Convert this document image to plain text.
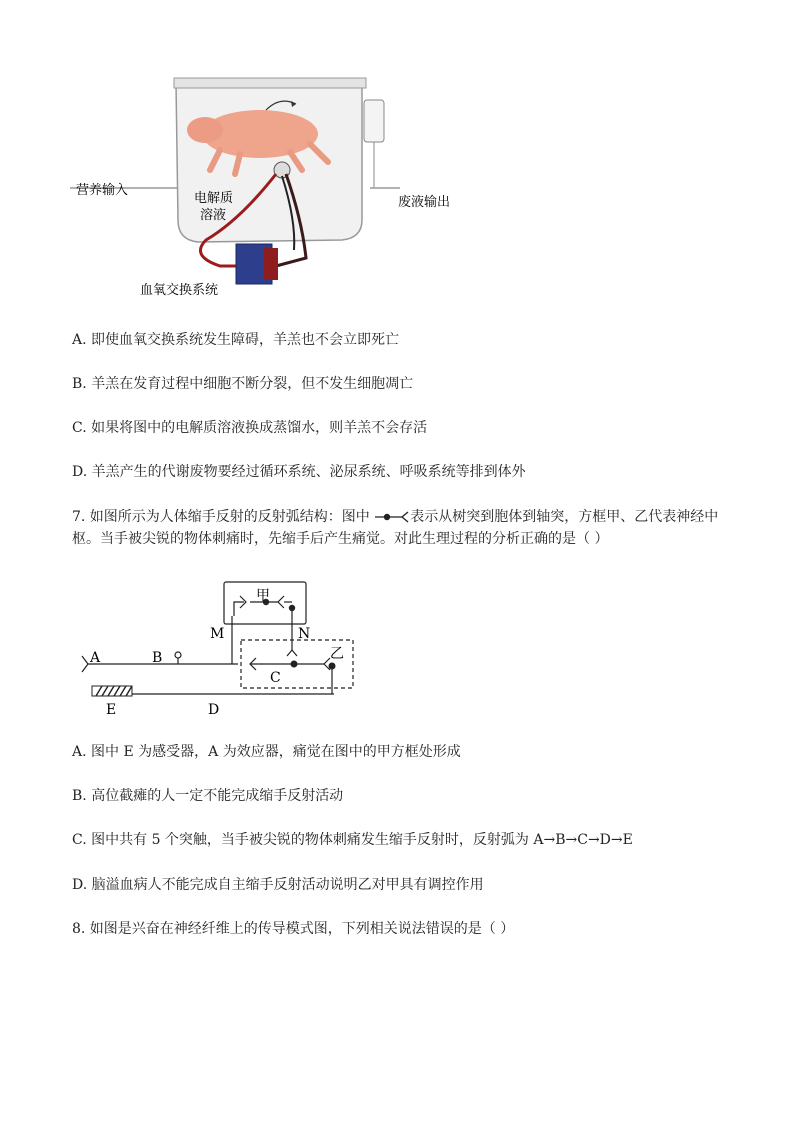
营养输入
电解质
溶液
废液输出
血氧交换系统
A. 即使血氧交换系统发生障碍，羊羔也不会立即死亡
B. 羊羔在发育过程中细胞不断分裂，但不发生细胞凋亡
C. 如果将图中的电解质溶液换成蒸馏水，则羊羔不会存活
D. 羊羔产生的代谢废物要经过循环系统、泌尿系统、呼吸系统等排到体外
7. 如图所示为人体缩手反射的反射弧结构：图中	表示从树突到胞体到轴突，方框甲、乙代表神经中
枢。当手被尖锐的物体刺痛时，先缩手后产生痛觉。对此生理过程的分析正确的是（ ）
甲
M	N
乙
A	B
C
D
E
A. 图中 E 为感受器，A 为效应器，痛觉在图中的甲方框处形成
B. 高位截瘫的人一定不能完成缩手反射活动
C. 图中共有 5 个突触，当手被尖锐的物体刺痛发生缩手反射时，反射弧为 A→B→C→D→E
D. 脑溢血病人不能完成自主缩手反射活动说明乙对甲具有调控作用
8. 如图是兴奋在神经纤维上的传导模式图，下列相关说法错误的是（ ）
